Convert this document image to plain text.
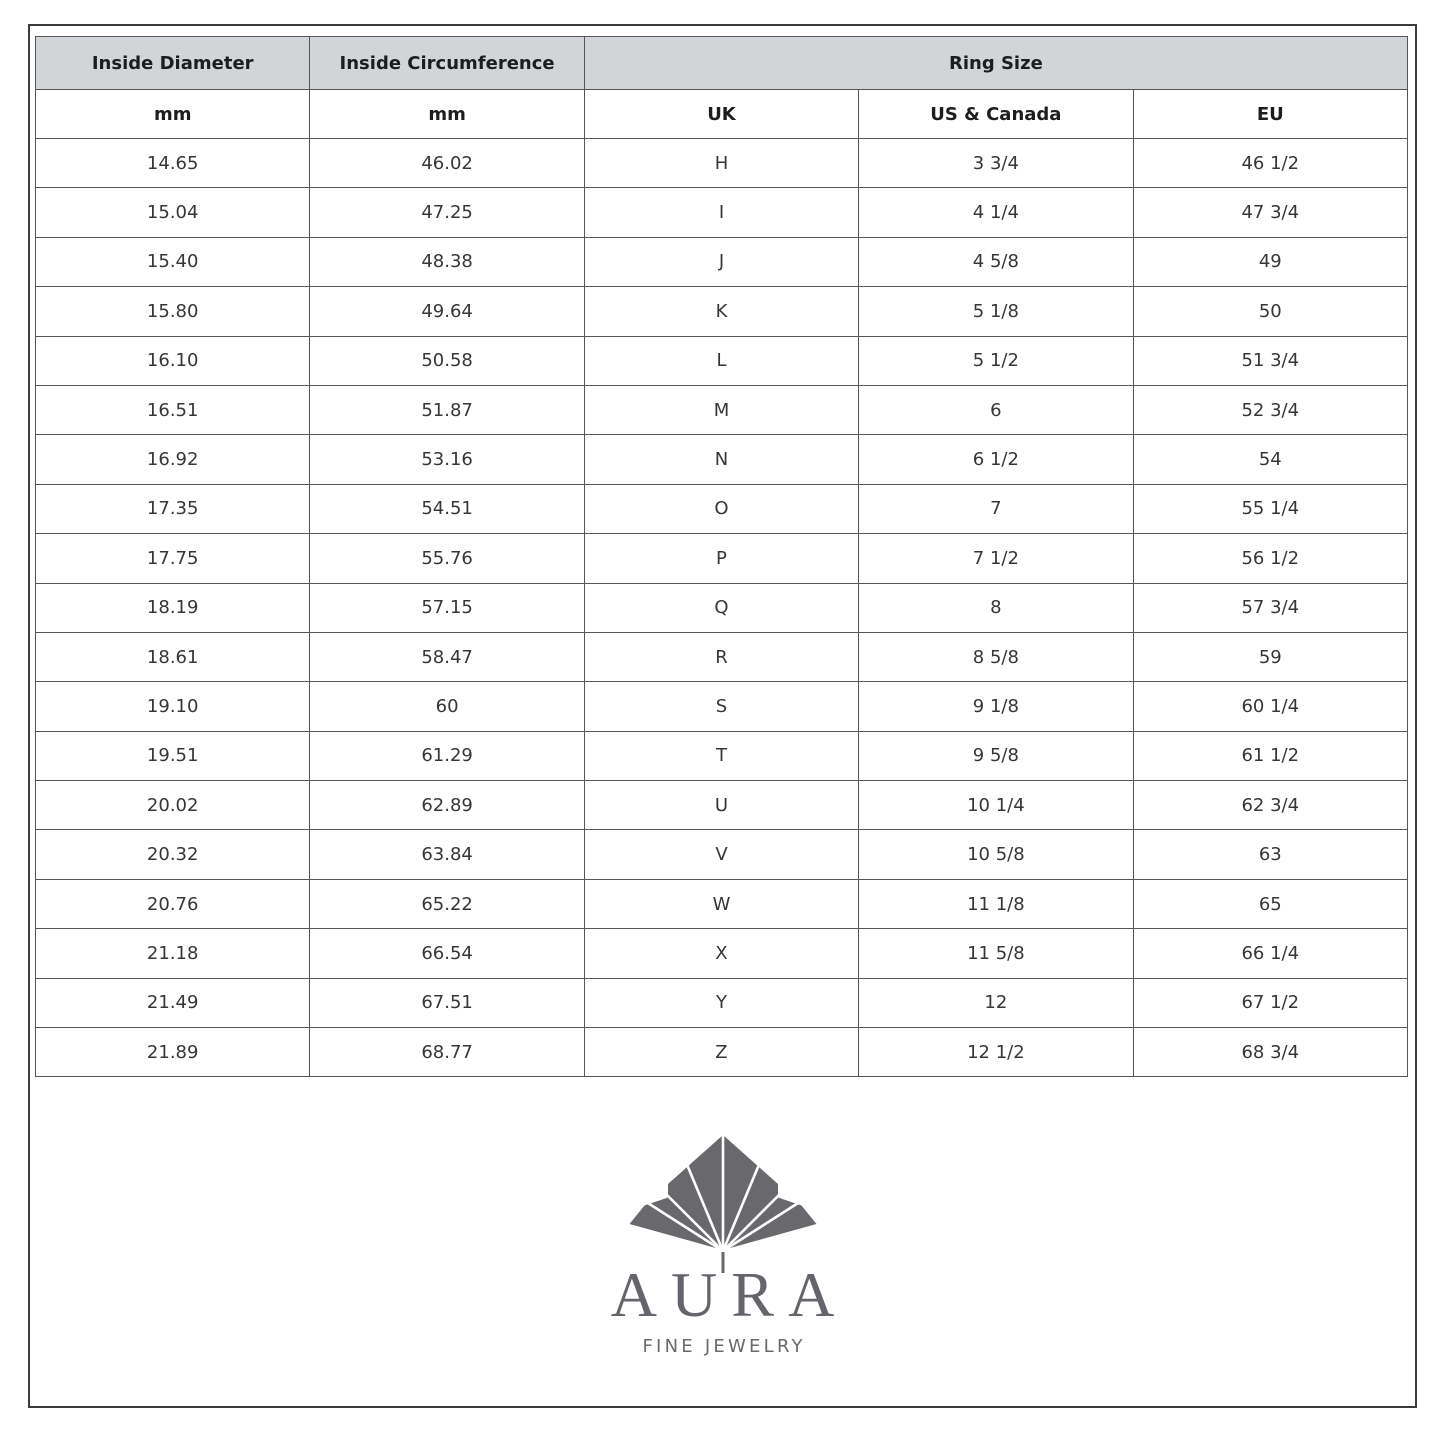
Inside Diameter	Inside Circumference	Ring Size		
mm	mm	UK	US & Canada	EU
14.65	46.02	H	3 3/4	46 1/2
15.04	47.25	I	4 1/4	47 3/4
15.40	48.38	J	4 5/8	49
15.80	49.64	K	5 1/8	50
16.10	50.58	L	5 1/2	51 3/4
16.51	51.87	M	6	52 3/4
16.92	53.16	N	6 1/2	54
17.35	54.51	O	7	55 1/4
17.75	55.76	P	7 1/2	56 1/2
18.19	57.15	Q	8	57 3/4
18.61	58.47	R	8 5/8	59
19.10	60	S	9 1/8	60 1/4
19.51	61.29	T	9 5/8	61 1/2
20.02	62.89	U	10 1/4	62 3/4
20.32	63.84	V	10 5/8	63
20.76	65.22	W	11 1/8	65
21.18	66.54	X	11 5/8	66 1/4
21.49	67.51	Y	12	67 1/2
21.89	68.77	Z	12 1/2	68 3/4
AURA
FINE JEWELRY
